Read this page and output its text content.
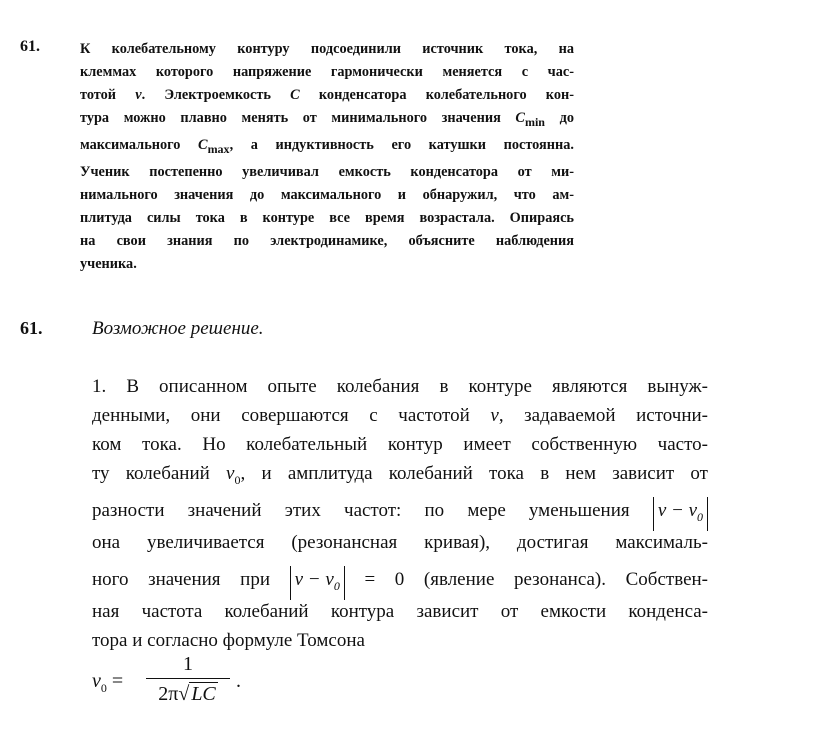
61.	К колебательному контуру подсоединили источник тока, на
клеммах которого напряжение гармонически меняется с час-
тотой ν. Электроемкость C конденсатора колебательного кон-
тура можно плавно менять от минимального значения $C_{min}$ до
максимального $C_{max}$, а индуктивность его катушки постоянна.
Ученик постепенно увеличивал емкость конденсатора от ми-
нимального значения до максимального и обнаружил, что ам-
плитуда силы тока в контуре все время возрастала. Опираясь
на свои знания по электродинамике, объясните наблюдения
ученика.
61.	Возможное решение.
1. В описанном опыте колебания в контуре являются вынуж-
денными, они совершаются с частотой ν, задаваемой источни-
ком тока. Но колебательный контур имеет собственную часто-
ту колебаний $\nu_0$, и амплитуда колебаний тока в нем зависит от
разности значений этих частот: по мере уменьшения $\nu - \nu_0$
она увеличивается (резонансная кривая), достигая максималь-
ного значения при $\nu - \nu_0 = 0$ (явление резонанса). Собствен-
ная частота колебаний контура зависит от емкости конденса-
тора и согласно формуле Томсона
$\nu_0$ =
1
2π√ LC
.
